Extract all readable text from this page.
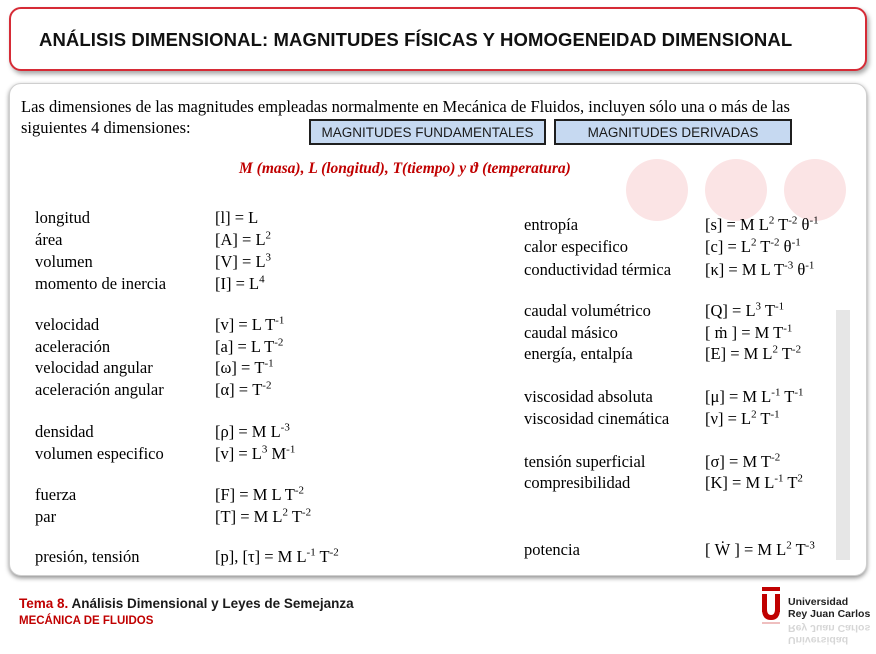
ANÁLISIS DIMENSIONAL: MAGNITUDES FÍSICAS Y HOMOGENEIDAD DIMENSIONAL
Las dimensiones de las magnitudes empleadas normalmente en Mecánica de Fluidos, incluyen sólo una o más de las siguientes 4 dimensiones:	MAGNITUDES FUNDAMENTALES	MAGNITUDES DERIVADAS
M (masa), L (longitud), T(tiempo) y ϑ (temperatura)
longitud	[l] = L
área	$[A] = L^2$
volumen	$[V] = L^3$
momento de inercia	$[I] = L^4$
velocidad	[v] = L $T^{-1}$
aceleración	[a] = L $T^{-2}$
velocidad angular	$[\omega] = T^{-1}$
aceleración angular	$[\alpha] = T^{-2}$
densidad	[ρ] = M $L^{-3}$
volumen especifico	$[v] = L^3$ $M^{-1}$
fuerza	[F] = M L $T^{-2}$
par	[T] = M $L^2$ $T^{-2}$
presión, tensión	[p], [τ] = M $L^{-1}$ $T^{-2}$
entropía	[s] = M $L^2$ $T^{-2}$ $\theta^{-1}$
calor especifico	$[c] = L^2$ $T^{-2}$ $\theta^{-1}$
conductividad térmica [κ] = M L $T^{-3}$ $\theta^{-1}$
caudal volumétrico	$[Q] = L^3$ $T^{-1}$
caudal másico	[ ṁ ] = M $T^{-1}$
energía, entalpía	[E] = M $L^2$ $T^{-2}$
viscosidad absoluta	[μ] = M $L^{-1}$ $T^{-1}$
viscosidad cinemática $[\nu] = L^2$ $T^{-1}$
tensión superficial	[σ] = M $T^{-2}$
compresibilidad	[K] = M $L^{-1}$ $T^2$
potencia	[ Ẇ ] = M $L^2$ $T^{-3}$
Tema 8. Análisis Dimensional y Leyes de Semejanza
MECÁNICA DE FLUIDOS
Universidad
Rey Juan Carlos
Universidad
Rey Juan Carlos
